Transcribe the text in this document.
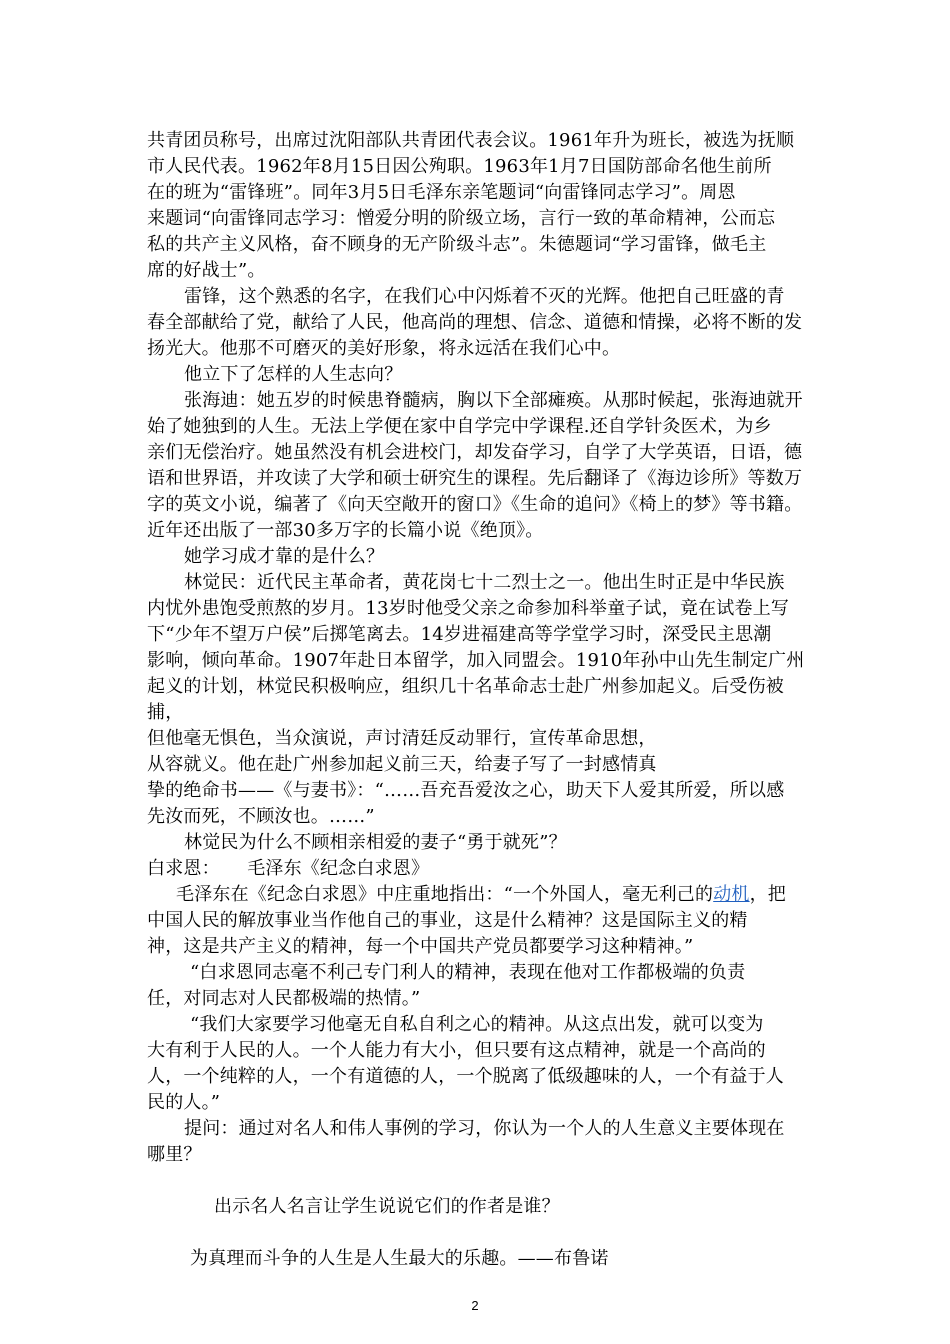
共青团员称号，出席过沈阳部队共青团代表会议。1961年升为班长，被选为抚顺
市人民代表。1962年8月15日因公殉职。1963年1月7日国防部命名他生前所
在的班为“雷锋班”。同年3月5日毛泽东亲笔题词“向雷锋同志学习”。周恩
来题词“向雷锋同志学习：憎爱分明的阶级立场，言行一致的革命精神，公而忘
私的共产主义风格，奋不顾身的无产阶级斗志”。朱德题词“学习雷锋，做毛主
席的好战士”。
雷锋，这个熟悉的名字，在我们心中闪烁着不灭的光辉。他把自己旺盛的青
春全部献给了党，献给了人民，他高尚的理想、信念、道德和情操，必将不断的发
扬光大。他那不可磨灭的美好形象，将永远活在我们心中。
他立下了怎样的人生志向？
张海迪：她五岁的时候患脊髓病，胸以下全部瘫痪。从那时候起，张海迪就开
始了她独到的人生。无法上学便在家中自学完中学课程.还自学针灸医术，为乡
亲们无偿治疗。她虽然没有机会进校门，却发奋学习，自学了大学英语，日语，德
语和世界语，并攻读了大学和硕士研究生的课程。先后翻译了《海边诊所》等数万
字的英文小说，编著了《向天空敞开的窗口》《生命的追问》《椅上的梦》等书籍。
近年还出版了一部30多万字的长篇小说《绝顶》。
她学习成才靠的是什么？
林觉民：近代民主革命者，黄花岗七十二烈士之一。他出生时正是中华民族
内忧外患饱受煎熬的岁月。13岁时他受父亲之命参加科举童子试，竟在试卷上写
下“少年不望万户侯”后掷笔离去。14岁进福建高等学堂学习时，深受民主思潮
影响，倾向革命。1907年赴日本留学，加入同盟会。1910年孙中山先生制定广州
起义的计划，林觉民积极响应，组织几十名革命志士赴广州参加起义。后受伤被
捕，
但他毫无惧色，当众演说，声讨清廷反动罪行，宣传革命思想，
从容就义。他在赴广州参加起义前三天，给妻子写了一封感情真
挚的绝命书——《与妻书》：“……吾充吾爱汝之心，助天下人爱其所爱，所以感
先汝而死，不顾汝也。……”
林觉民为什么不顾相亲相爱的妻子“勇于就死”？
白求恩：　　毛泽东《纪念白求恩》
毛泽东在《纪念白求恩》中庄重地指出：“一个外国人，毫无利己的动机，把
中国人民的解放事业当作他自己的事业，这是什么精神？这是国际主义的精
神，这是共产主义的精神，每一个中国共产党员都要学习这种精神。”
“白求恩同志毫不利己专门利人的精神，表现在他对工作都极端的负责
任，对同志对人民都极端的热情。”
“我们大家要学习他毫无自私自利之心的精神。从这点出发，就可以变为
大有利于人民的人。一个人能力有大小，但只要有这点精神，就是一个高尚的
人，一个纯粹的人，一个有道德的人，一个脱离了低级趣味的人，一个有益于人
民的人。”
提问：通过对名人和伟人事例的学习，你认为一个人的人生意义主要体现在
哪里？
出示名人名言让学生说说它们的作者是谁？
为真理而斗争的人生是人生最大的乐趣。——布鲁诺
2
